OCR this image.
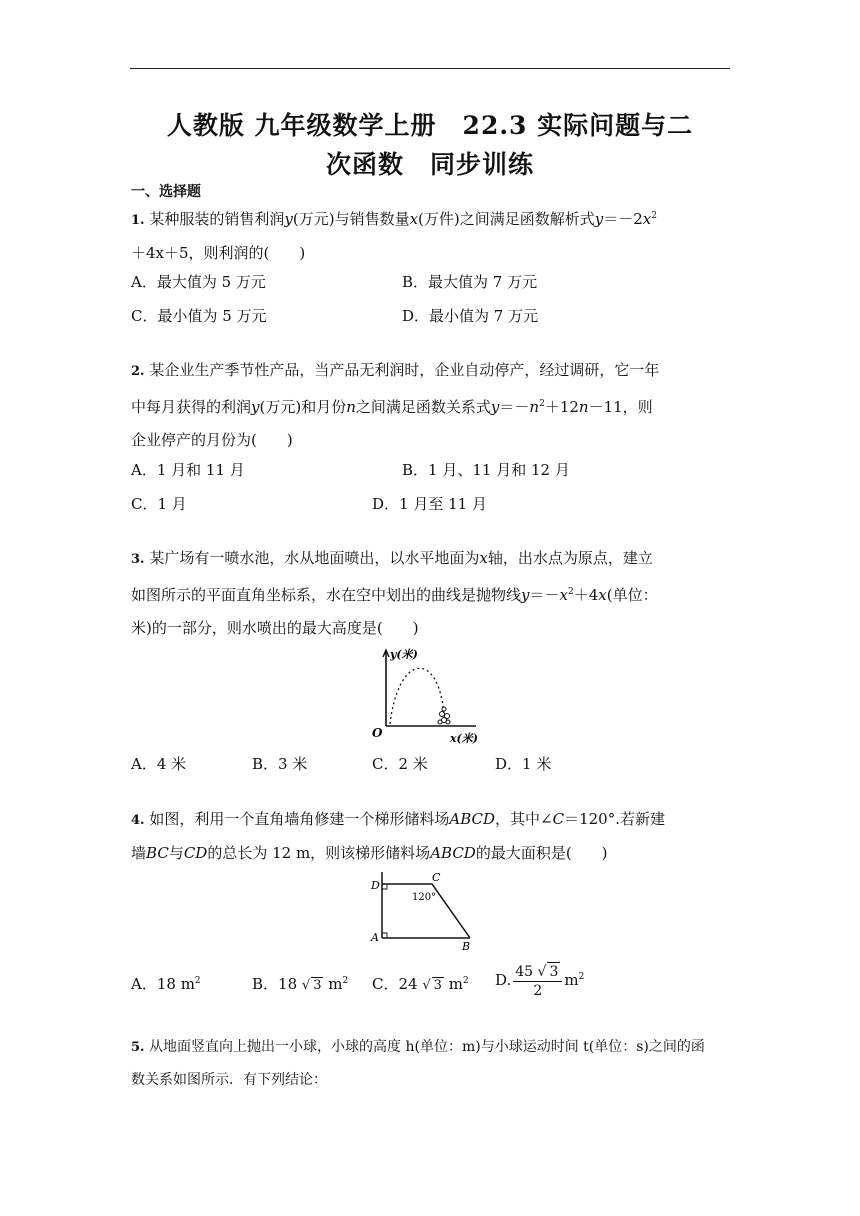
人教版 九年级数学上册　22.3 实际问题与二
次函数　同步训练
一、选择题
1. 某种服装的销售利润y(万元)与销售数量x(万件)之间满足函数解析式$y=-2x^2$
＋4x＋5，则利润的(　　)
A．最大值为 5 万元	B．最大值为 7 万元
C．最小值为 5 万元	D．最小值为 7 万元
2. 某企业生产季节性产品，当产品无利润时，企业自动停产，经过调研，它一年
中每月获得的利润y(万元)和月份n之间满足函数关系式$y=-n^2+12n-11$，则
企业停产的月份为(　　)
A．1 月和 11 月	B．1 月、11 月和 12 月
C．1 月	D．1 月至 11 月
3. 某广场有一喷水池，水从地面喷出，以水平地面为x轴，出水点为原点，建立
如图所示的平面直角坐标系，水在空中划出的曲线是抛物线$y=-x^2+4x$(单位：
米)的一部分，则水喷出的最大高度是(　　)
y(米)
O	x(米)
A．4 米	B．3 米	C．2 米	D．1 米
4. 如图，利用一个直角墙角修建一个梯形储料场ABCD，其中∠C＝120°.若新建
墙BC与CD的总长为 12 m，则该梯形储料场ABCD的最大面积是(　　)
120°
D
C
A
B
A．18 $m^2$	B．18 √ 3 $m^2$ C．24 √ 3 $m^2$ D. $\frac{45 √ 3}{2} m^2$
5. 从地面竖直向上抛出一小球，小球的高度 h(单位：m)与小球运动时间 t(单位：s)之间的函
数关系如图所示．有下列结论：
